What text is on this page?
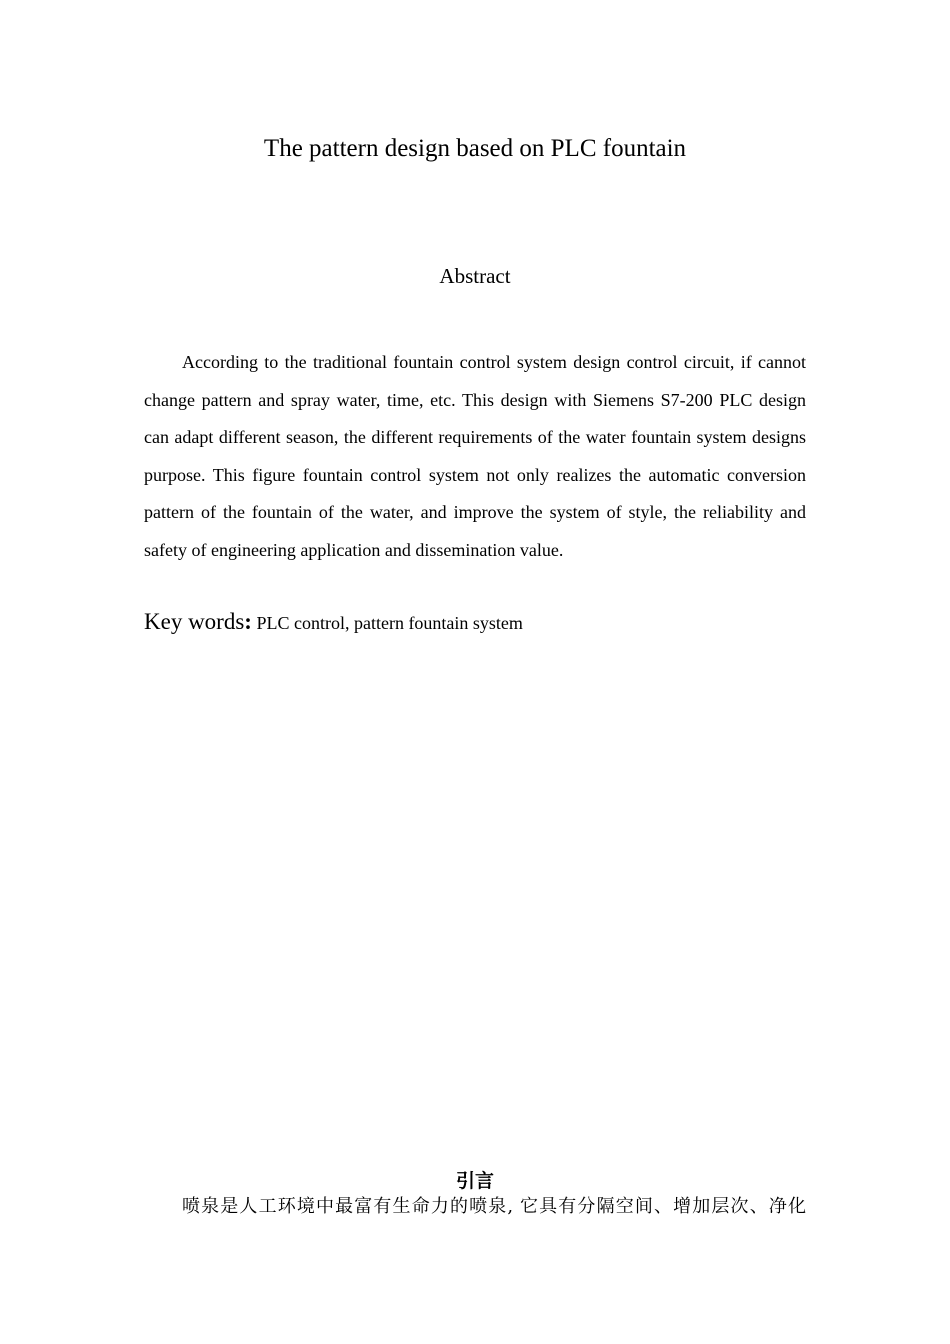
The pattern design based on PLC fountain
Abstract

According to the traditional fountain control system design control circuit, if cannot change pattern and spray water, time, etc. This design with Siemens S7-200 PLC design can adapt different season, the different requirements of the water fountain system designs purpose. This figure fountain control system not only realizes the automatic conversion pattern of the fountain of the water, and improve the system of style, the reliability and safety of engineering application and dissemination value.

Key words: PLC control, pattern fountain system

引言

喷泉是人工环境中最富有生命力的喷泉, 它具有分隔空间、增加层次、净化
